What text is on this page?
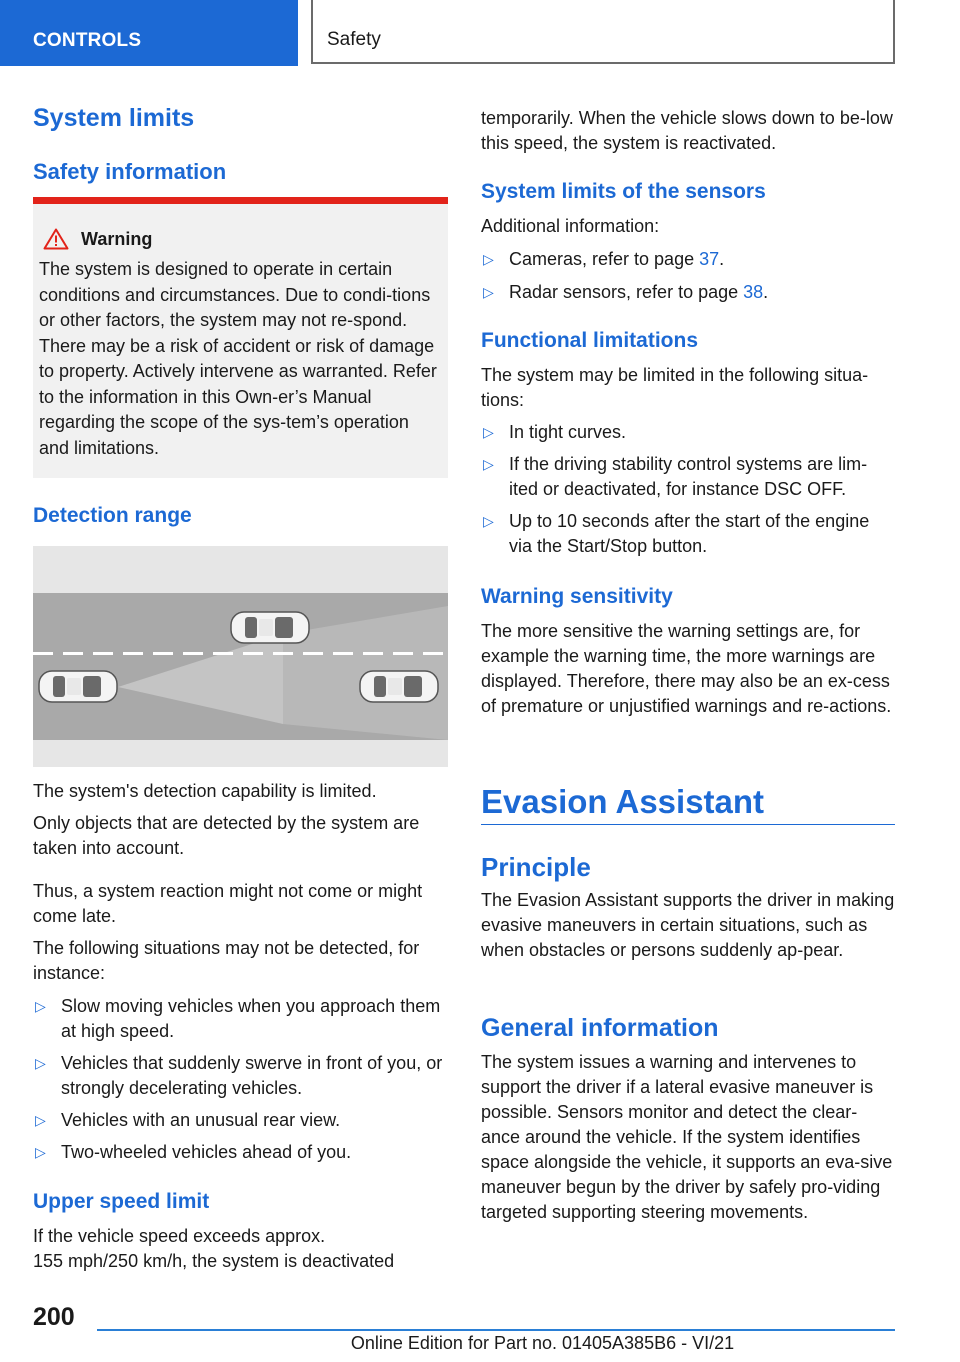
CONTROLS	Safety
System limits
Safety information
Warning
The system is designed to operate in certain conditions and circumstances. Due to condi-tions or other factors, the system may not re-spond. There may be a risk of accident or risk of damage to property. Actively intervene as warranted. Refer to the information in this Own-er’s Manual regarding the scope of the sys-tem’s operation and limitations.
Detection range
The system's detection capability is limited.
Only objects that are detected by the system are taken into account.
Thus, a system reaction might not come or might come late.
The following situations may not be detected, for instance:
▷ Slow moving vehicles when you approach them at high speed.
▷ Vehicles that suddenly swerve in front of you, or strongly decelerating vehicles.
▷ Vehicles with an unusual rear view.
▷ Two-wheeled vehicles ahead of you.
Upper speed limit
If the vehicle speed exceeds approx.
155 mph/250 km/h, the system is deactivated
temporarily. When the vehicle slows down to be-low this speed, the system is reactivated.
System limits of the sensors
Additional information:
▷ Cameras, refer to page 37.
▷ Radar sensors, refer to page 38.
Functional limitations
The system may be limited in the following situa-tions:
▷ In tight curves.
▷ If the driving stability control systems are lim-ited or deactivated, for instance DSC OFF.
▷ Up to 10 seconds after the start of the engine via the Start/Stop button.
Warning sensitivity
The more sensitive the warning settings are, for example the warning time, the more warnings are displayed. Therefore, there may also be an ex-cess of premature or unjustified warnings and re-actions.
Evasion Assistant
Principle
The Evasion Assistant supports the driver in making evasive maneuvers in certain situations, such as when obstacles or persons suddenly ap-pear.
General information
The system issues a warning and intervenes to support the driver if a lateral evasive maneuver is possible. Sensors monitor and detect the clear-ance around the vehicle. If the system identifies space alongside the vehicle, it supports an eva-sive maneuver begun by the driver by safely pro-viding targeted supporting steering movements.
200
Online Edition for Part no. 01405A385B6 - VI/21
